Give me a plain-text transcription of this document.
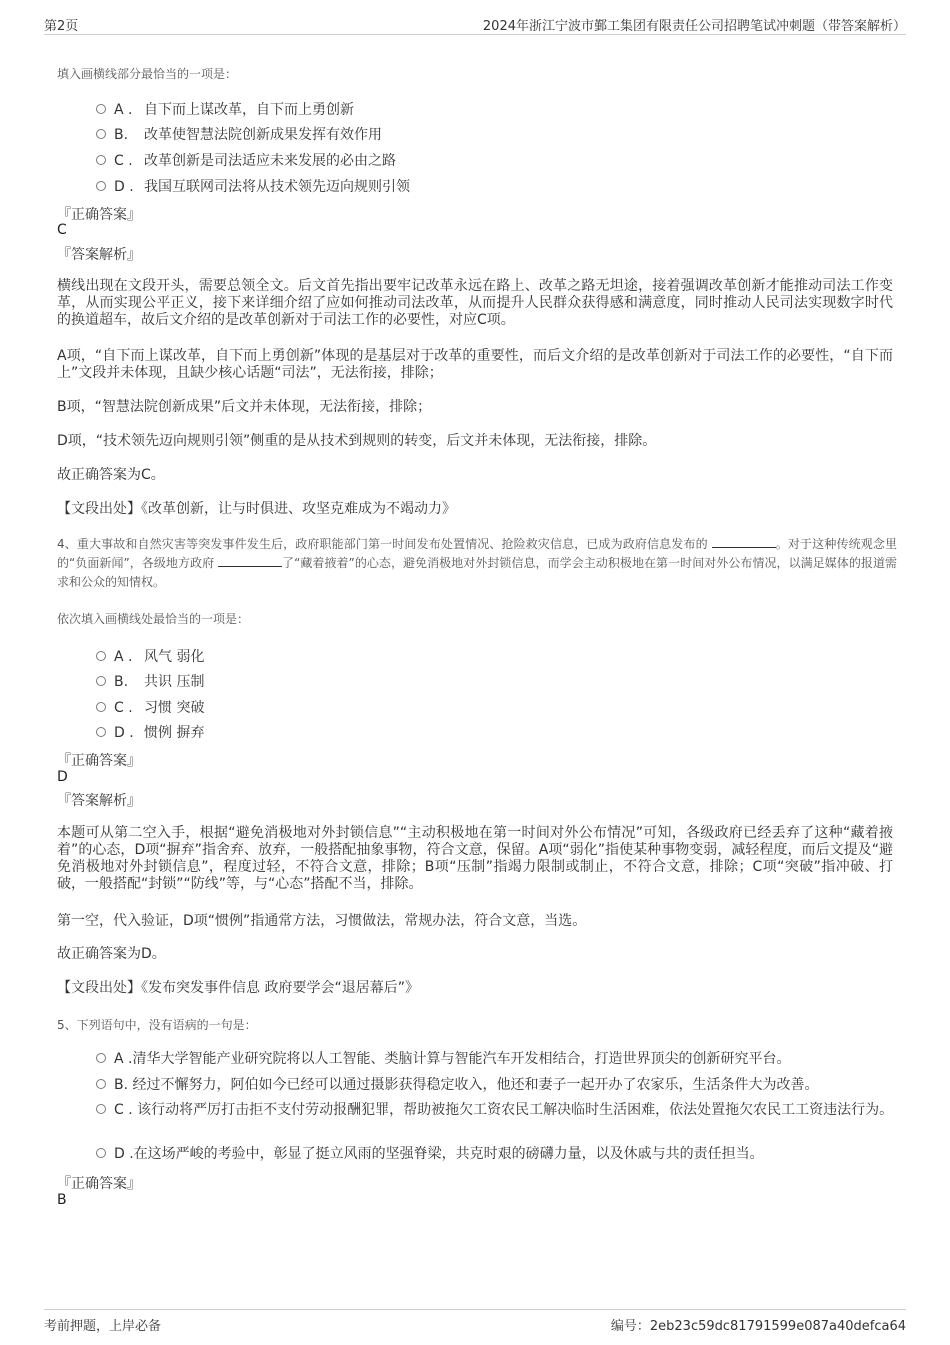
第2页	2024年浙江宁波市鄞工集团有限责任公司招聘笔试冲刺题（带答案解析）
填入画横线部分最恰当的一项是：
A . 自下而上谋改革，自下而上勇创新
B. 改革使智慧法院创新成果发挥有效作用
C . 改革创新是司法适应未来发展的必由之路
D . 我国互联网司法将从技术领先迈向规则引领
『正确答案』
C
『答案解析』
横线出现在文段开头，需要总领全文。后文首先指出要牢记改革永远在路上、改革之路无坦途，接着强调改革创新才能推动司法工作变革，从而实现公平正义，接下来详细介绍了应如何推动司法改革，从而提升人民群众获得感和满意度，同时推动人民司法实现数字时代的换道超车，故后文介绍的是改革创新对于司法工作的必要性，对应C项。
A项，“自下而上谋改革，自下而上勇创新”体现的是基层对于改革的重要性，而后文介绍的是改革创新对于司法工作的必要性，“自下而上”文段并未体现，且缺少核心话题“司法”，无法衔接，排除；
B项，“智慧法院创新成果”后文并未体现，无法衔接，排除；
D项，“技术领先迈向规则引领”侧重的是从技术到规则的转变，后文并未体现，无法衔接，排除。
故正确答案为C。
【文段出处】《改革创新，让与时俱进、攻坚克难成为不竭动力》
4、重大事故和自然灾害等突发事件发生后，政府职能部门第一时间发布处置情况、抢险救灾信息，已成为政府信息发布的	。对于这种传统观念里的“负面新闻”，各级地方政府	了“藏着掖着”的心态，避免消极地对外封锁信息，而学会主动积极地在第一时间对外公布情况，以满足媒体的报道需求和公众的知情权。
依次填入画横线处最恰当的一项是：
A . 风气 弱化
B. 共识 压制
C . 习惯 突破
D . 惯例 摒弃
『正确答案』
D
『答案解析』
本题可从第二空入手，根据“避免消极地对外封锁信息”“主动积极地在第一时间对外公布情况”可知，各级政府已经丢弃了这种“藏着掖着”的心态，D项“摒弃”指舍弃、放弃，一般搭配抽象事物，符合文意，保留。A项“弱化”指使某种事物变弱，减轻程度，而后文提及“避免消极地对外封锁信息”，程度过轻，不符合文意，排除；B项“压制”指竭力限制或制止，不符合文意，排除；C项“突破”指冲破、打破，一般搭配“封锁”“防线”等，与“心态”搭配不当，排除。
第一空，代入验证，D项“惯例”指通常方法，习惯做法，常规办法，符合文意，当选。
故正确答案为D。
【文段出处】《发布突发事件信息 政府要学会“退居幕后”》
5、下列语句中，没有语病的一句是：
A .清华大学智能产业研究院将以人工智能、类脑计算与智能汽车开发相结合，打造世界顶尖的创新研究平台。
B. 经过不懈努力，阿伯如今已经可以通过摄影获得稳定收入，他还和妻子一起开办了农家乐，生活条件大为改善。
C . 该行动将严厉打击拒不支付劳动报酬犯罪，帮助被拖欠工资农民工解决临时生活困难，依法处置拖欠农民工工资违法行为。
D .在这场严峻的考验中，彰显了挺立风雨的坚强脊梁，共克时艰的磅礴力量，以及休戚与共的责任担当。
『正确答案』
B
考前押题，上岸必备	编号：2eb23c59dc81791599e087a40defca64
